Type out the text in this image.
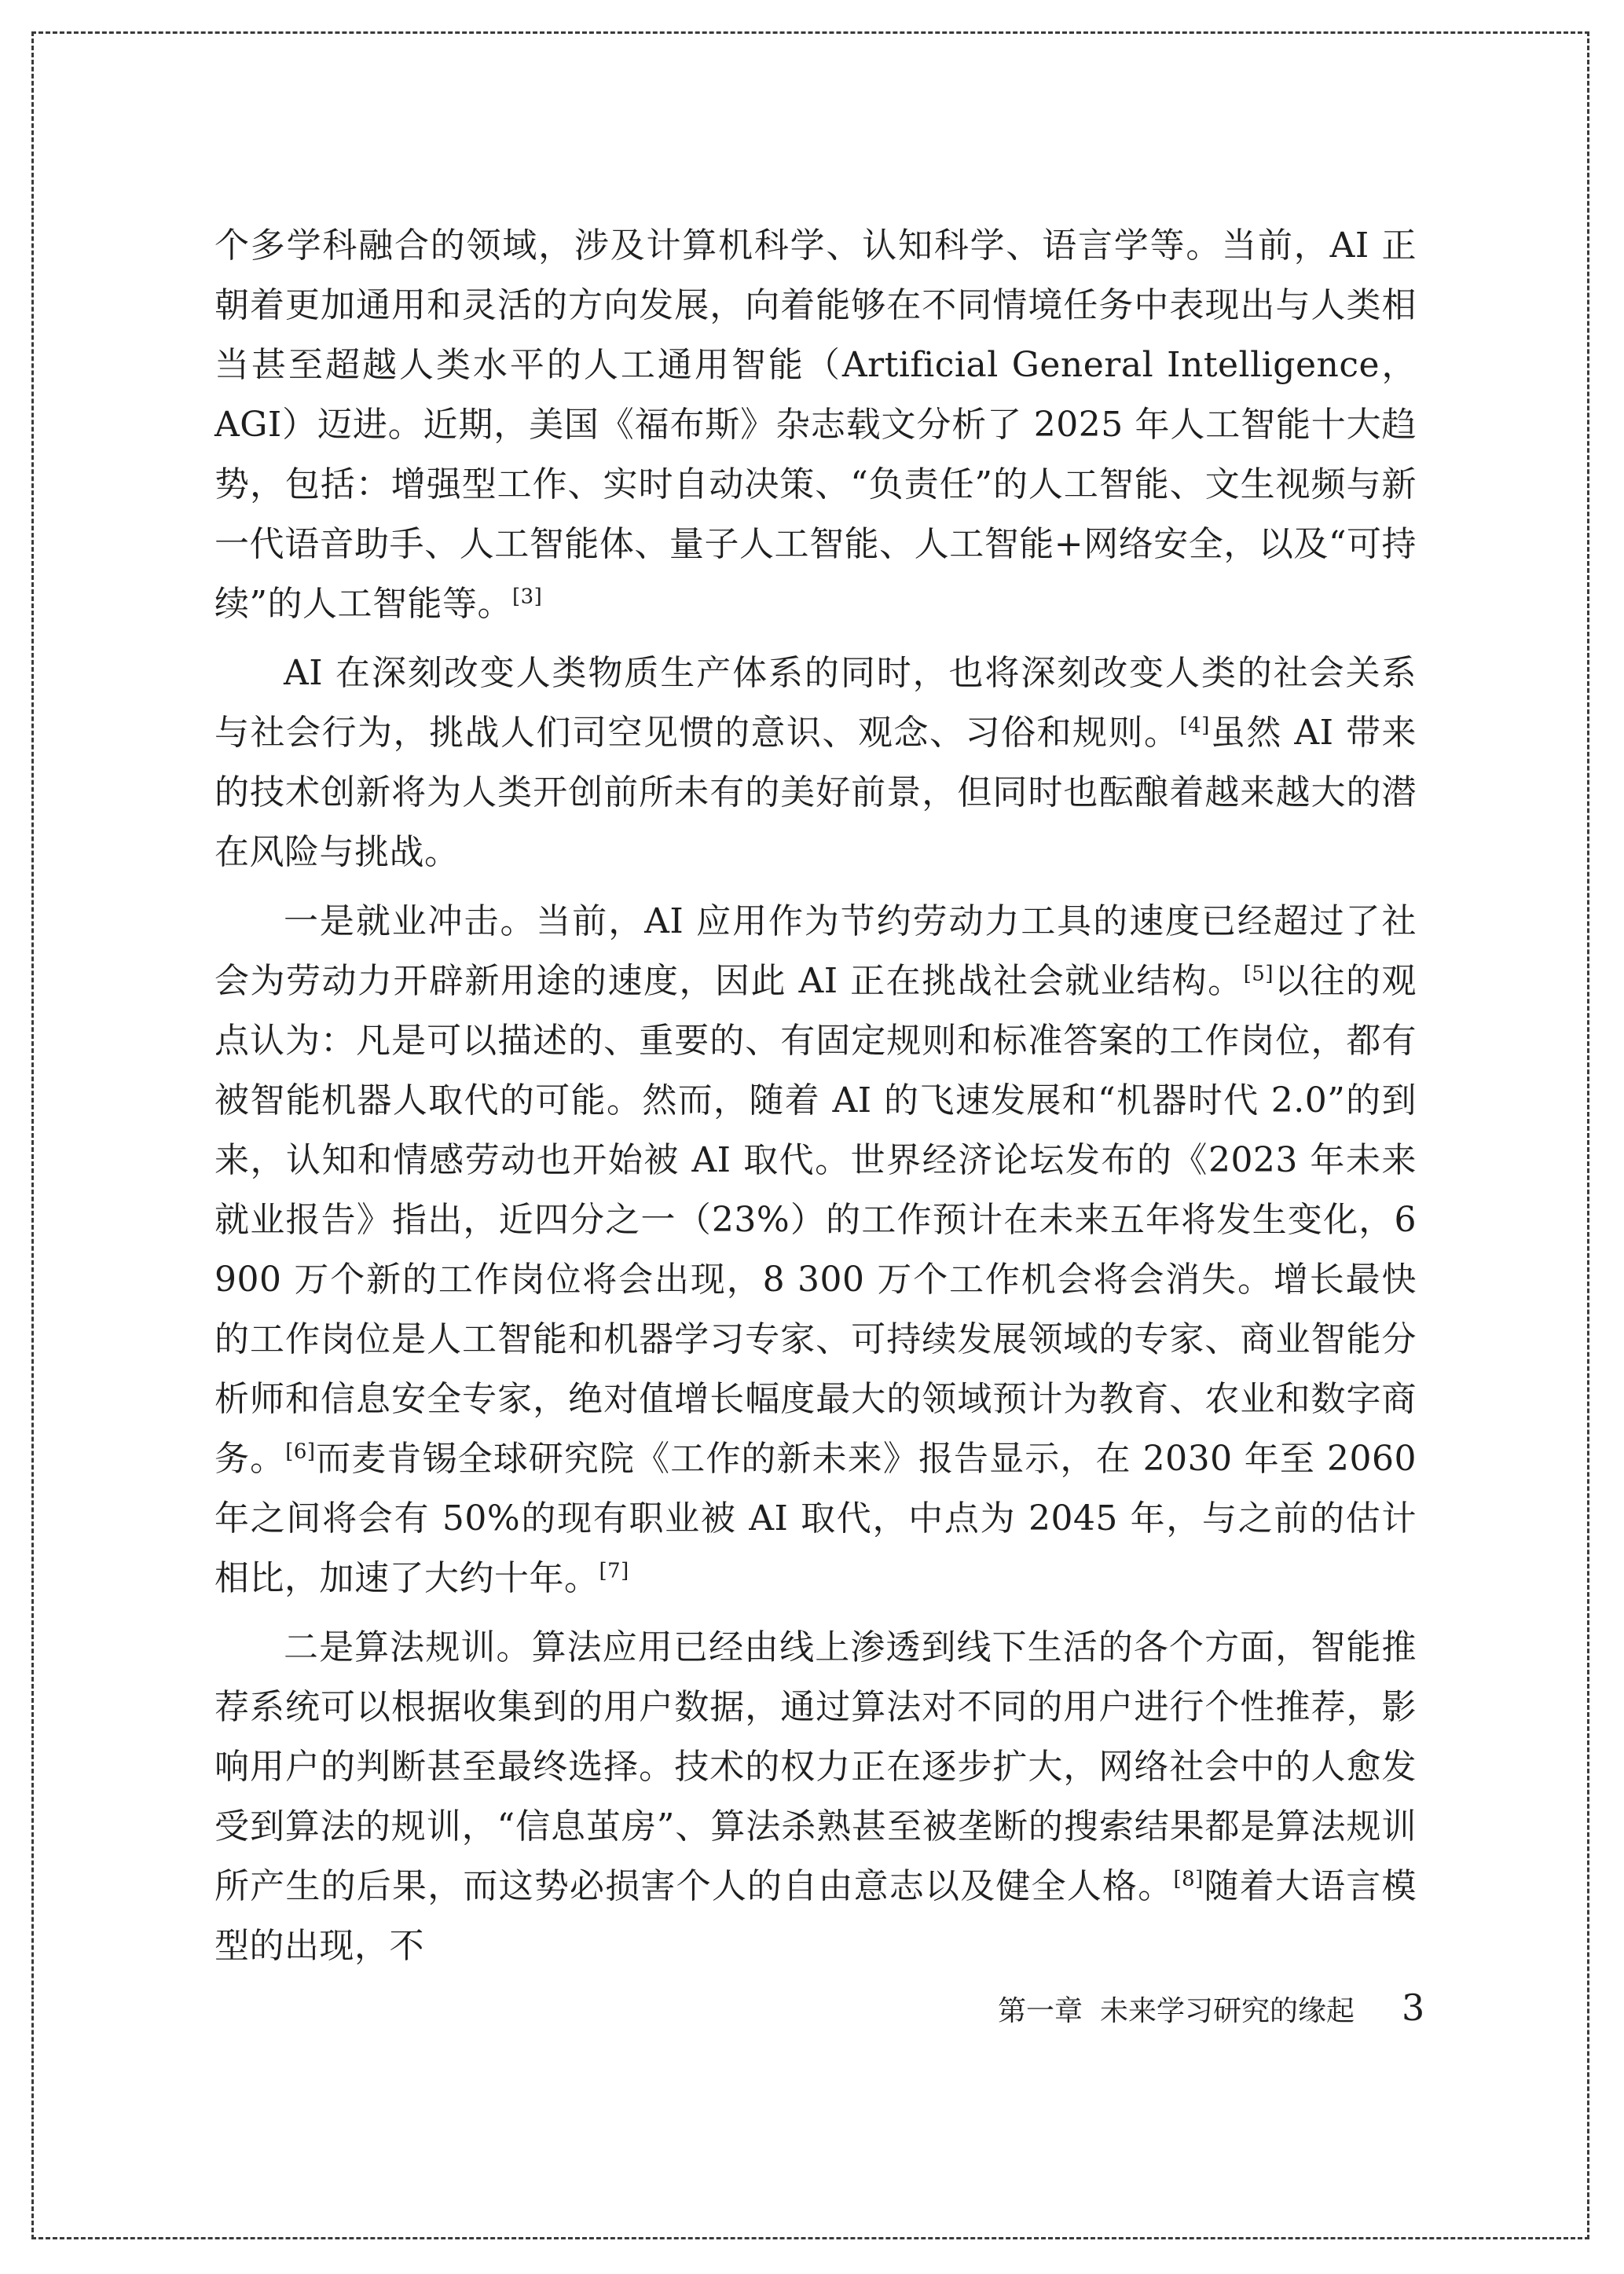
个多学科融合的领域，涉及计算机科学、认知科学、语言学等。当前，AI 正朝着更加通用和灵活的方向发展，向着能够在不同情境任务中表现出与人类相当甚至超越人类水平的人工通用智能（Artificial General Intelligence，AGI）迈进。近期，美国《福布斯》杂志载文分析了 2025 年人工智能十大趋势，包括：增强型工作、实时自动决策、“负责任”的人工智能、文生视频与新一代语音助手、人工智能体、量子人工智能、人工智能+网络安全，以及“可持续”的人工智能等。[3]

AI 在深刻改变人类物质生产体系的同时，也将深刻改变人类的社会关系与社会行为，挑战人们司空见惯的意识、观念、习俗和规则。[4]虽然 AI 带来的技术创新将为人类开创前所未有的美好前景，但同时也酝酿着越来越大的潜在风险与挑战。

一是就业冲击。当前，AI 应用作为节约劳动力工具的速度已经超过了社会为劳动力开辟新用途的速度，因此 AI 正在挑战社会就业结构。[5]以往的观点认为：凡是可以描述的、重要的、有固定规则和标准答案的工作岗位，都有被智能机器人取代的可能。然而，随着 AI 的飞速发展和“机器时代 2.0”的到来，认知和情感劳动也开始被 AI 取代。世界经济论坛发布的《2023 年未来就业报告》指出，近四分之一（23%）的工作预计在未来五年将发生变化，6 900 万个新的工作岗位将会出现，8 300 万个工作机会将会消失。增长最快的工作岗位是人工智能和机器学习专家、可持续发展领域的专家、商业智能分析师和信息安全专家，绝对值增长幅度最大的领域预计为教育、农业和数字商务。[6]而麦肯锡全球研究院《工作的新未来》报告显示，在 2030 年至 2060 年之间将会有 50%的现有职业被 AI 取代，中点为 2045 年，与之前的估计相比，加速了大约十年。[7]

二是算法规训。算法应用已经由线上渗透到线下生活的各个方面，智能推荐系统可以根据收集到的用户数据，通过算法对不同的用户进行个性推荐，影响用户的判断甚至最终选择。技术的权力正在逐步扩大，网络社会中的人愈发受到算法的规训，“信息茧房”、算法杀熟甚至被垄断的搜索结果都是算法规训所产生的后果，而这势必损害个人的自由意志以及健全人格。[8]随着大语言模型的出现，不

第一章 未来学习研究的缘起 3
